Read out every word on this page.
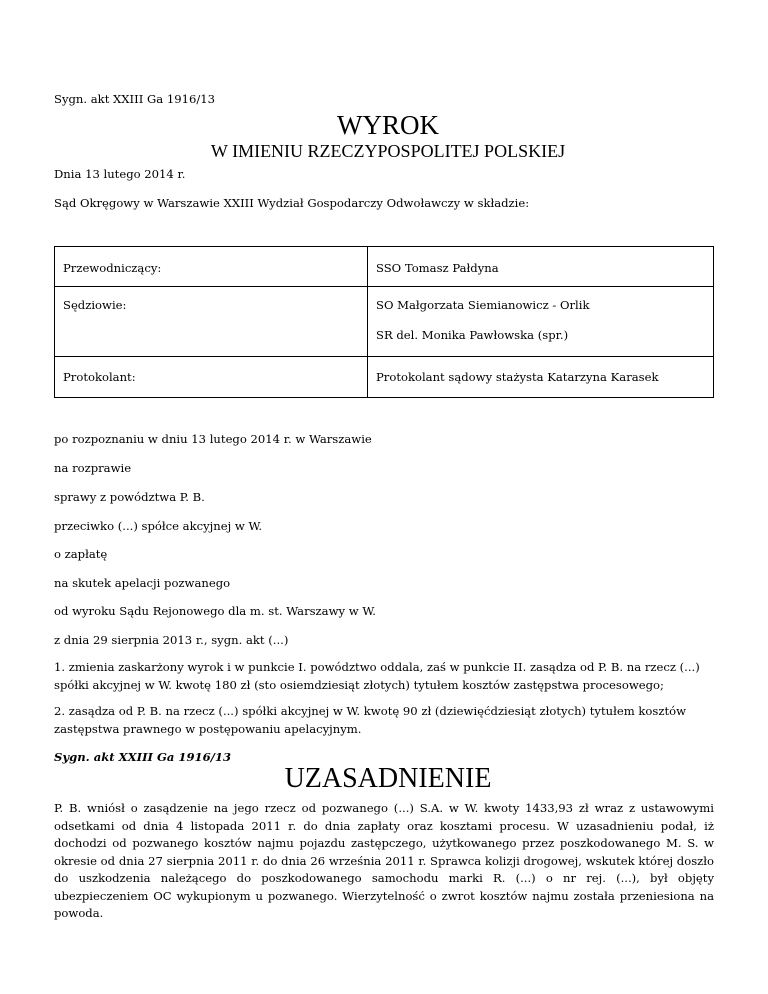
Sygn. akt XXIII Ga 1916/13
WYROK
W IMIENIU RZECZYPOSPOLITEJ POLSKIEJ
Dnia 13 lutego 2014 r.
Sąd Okręgowy w Warszawie XXIII Wydział Gospodarczy Odwoławczy w składzie:
Przewodniczący:	SSO Tomasz Pałdyna
Sędziowie:	SO Małgorzata Siemianowicz - Orlik
SR del. Monika Pawłowska (spr.)
Protokolant:	Protokolant sądowy stażysta Katarzyna Karasek
po rozpoznaniu w dniu 13 lutego 2014 r. w Warszawie
na rozprawie
sprawy z powództwa P. B.
przeciwko (...) spółce akcyjnej w W.
o zapłatę
na skutek apelacji pozwanego
od wyroku Sądu Rejonowego dla m. st. Warszawy w W.
z dnia 29 sierpnia 2013 r., sygn. akt (...)
1. zmienia zaskarżony wyrok i w punkcie I. powództwo oddala, zaś w punkcie II. zasądza od P. B. na rzecz (...) spółki akcyjnej w W. kwotę 180 zł (sto osiemdziesiąt złotych) tytułem kosztów zastępstwa procesowego;
2. zasądza od P. B. na rzecz (...) spółki akcyjnej w W. kwotę 90 zł (dziewięćdziesiąt złotych) tytułem kosztów zastępstwa prawnego w postępowaniu apelacyjnym.
Sygn. akt XXIII Ga 1916/13
UZASADNIENIE
P. B. wniósł o zasądzenie na jego rzecz od pozwanego (...) S.A. w W. kwoty 1433,93 zł wraz z ustawowymi odsetkami od dnia 4 listopada 2011 r. do dnia zapłaty oraz kosztami procesu. W uzasadnieniu podał, iż dochodzi od pozwanego kosztów najmu pojazdu zastępczego, użytkowanego przez poszkodowanego M. S. w okresie od dnia 27 sierpnia 2011 r. do dnia 26 września 2011 r. Sprawca kolizji drogowej, wskutek której doszło do uszkodzenia należącego do poszkodowanego samochodu marki R. (...) o nr rej. (...), był objęty ubezpieczeniem OC wykupionym u pozwanego. Wierzytelność o zwrot kosztów najmu została przeniesiona na powoda.
